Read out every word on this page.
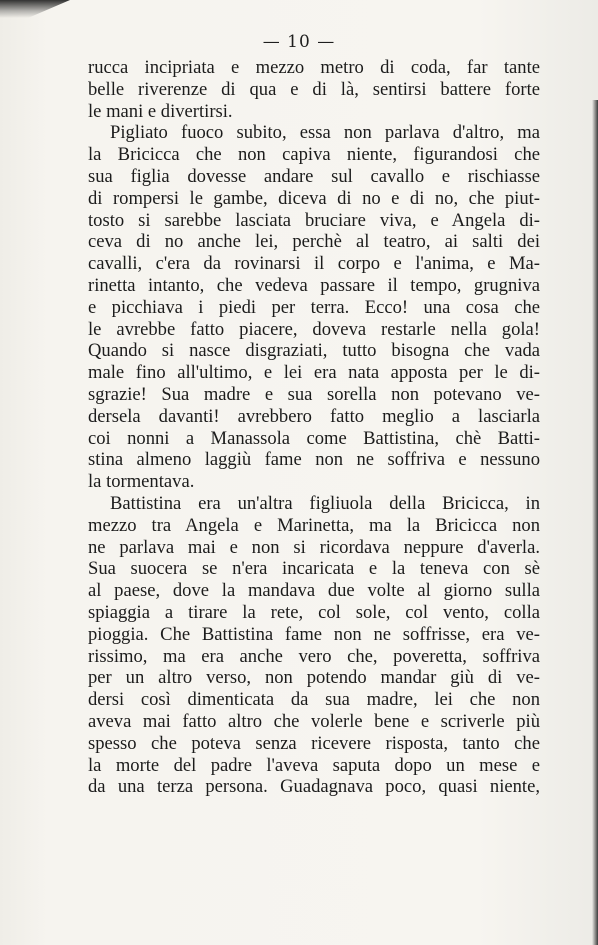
— 10 —
rucca incipriata e mezzo metro di coda, far tante
belle riverenze di qua e di là, sentirsi battere forte
le mani e divertirsi.
Pigliato fuoco subito, essa non parlava d'altro, ma
la Bricicca che non capiva niente, figurandosi che
sua figlia dovesse andare sul cavallo e rischiasse
di rompersi le gambe, diceva di no e di no, che piut-
tosto si sarebbe lasciata bruciare viva, e Angela di-
ceva di no anche lei, perchè al teatro, ai salti dei
cavalli, c'era da rovinarsi il corpo e l'anima, e Ma-
rinetta intanto, che vedeva passare il tempo, grugniva
e picchiava i piedi per terra. Ecco! una cosa che
le avrebbe fatto piacere, doveva restarle nella gola!
Quando si nasce disgraziati, tutto bisogna che vada
male fino all'ultimo, e lei era nata apposta per le di-
sgrazie! Sua madre e sua sorella non potevano ve-
dersela davanti! avrebbero fatto meglio a lasciarla
coi nonni a Manassola come Battistina, chè Batti-
stina almeno laggiù fame non ne soffriva e nessuno
la tormentava.
Battistina era un'altra figliuola della Bricicca, in
mezzo tra Angela e Marinetta, ma la Bricicca non
ne parlava mai e non si ricordava neppure d'averla.
Sua suocera se n'era incaricata e la teneva con sè
al paese, dove la mandava due volte al giorno sulla
spiaggia a tirare la rete, col sole, col vento, colla
pioggia. Che Battistina fame non ne soffrisse, era ve-
rissimo, ma era anche vero che, poveretta, soffriva
per un altro verso, non potendo mandar giù di ve-
dersi così dimenticata da sua madre, lei che non
aveva mai fatto altro che volerle bene e scriverle più
spesso che poteva senza ricevere risposta, tanto che
la morte del padre l'aveva saputa dopo un mese e
da una terza persona. Guadagnava poco, quasi niente,
